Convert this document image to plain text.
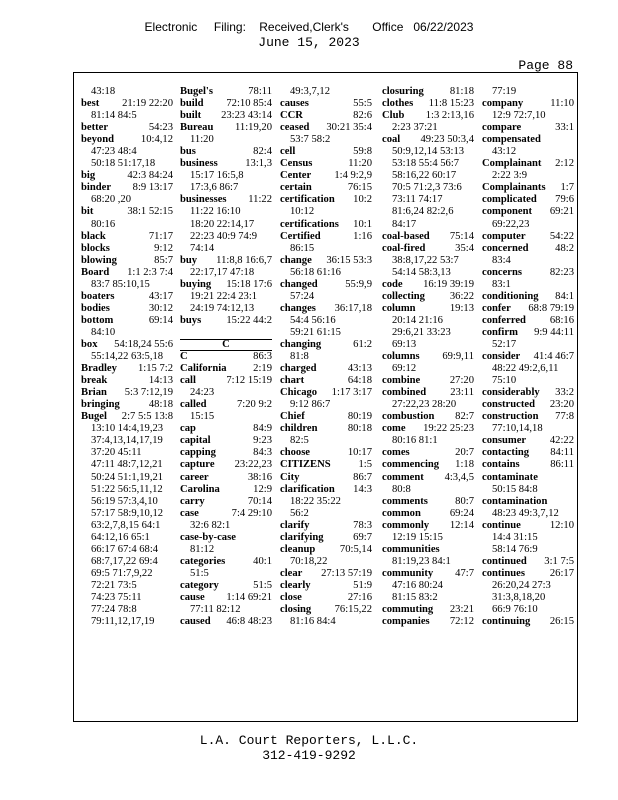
Electronic     Filing:    Received,Clerk's       Office   06/22/2023
June 15, 2023
Page 88
43:18
best 21:19 22:20
81:14 84:5
better	54:23
beyond	10:4,12
47:23 48:4
50:18 51:17,18
big	42:3 84:24
binder 8:9 13:17
68:20 ,20
bit	38:1 52:15
80:16
black	71:17
blocks	9:12
blowing	85:7
Board 1:1 2:3 7:4
83:7 85:10,15
boaters	43:17
bodies	30:12
bottom	69:14
84:10
box 54:18,24 55:6
55:14,22 63:5,18
Bradley 1:15 7:2
break	14:13
Brian 5:3 7:12,19
bringing	48:18
Bugel 2:7 5:5 13:8
13:10 14:4,19,23
37:4,13,14,17,19
37:20 45:11
47:11 48:7,12,21
50:24 51:1,19,21
51:22 56:5,11,12
56:19 57:3,4,10
57:17 58:9,10,12
63:2,7,8,15 64:1
64:12,16 65:1
66:17 67:4 68:4
68:7,17,22 69:4
69:5 71:7,9,22
72:21 73:5
74:23 75:11
77:24 78:8
79:11,12,17,19
Bugel's	78:11
build 72:10 85:4
built 23:23 43:14
Bureau 11:19,20
11:20
bus	82:4
business	13:1,3
15:17 16:5,8
17:3,6 86:7
businesses 11:22
11:22 16:10
18:20 22:14,17
22:23 40:9 74:9
74:14
buy 11:8,8 16:6,7
22:17,17 47:18
buying 15:18 17:6
19:21 22:4 23:1
24:19 74:12,13
buys 15:22 44:2
C
C	86:3
California	2:19
call	7:12 15:19
24:23
called	7:20 9:2
15:15
cap	84:9
capital	9:23
capping	84:3
capture 23:22,23
career	38:16
Carolina	12:9
carry	70:14
case	7:4 29:10
32:6 82:1
case-by-case
81:12
categories	40:1
51:5
category	51:5
cause 1:14 69:21
77:11 82:12
caused 46:8 48:23
49:3,7,12
causes	55:5
CCR	82:6
ceased 30:21 35:4
53:7 58:2
cell	59:8
Census	11:20
Center 1:4 9:2,9
certain	76:15
certification 10:2
10:12
certifications 10:1
Certified	1:16
86:15
change 36:15 53:3
56:18 61:16
changed	55:9,9
57:24
changes 36:17,18
54:4 56:16
59:21 61:15
changing	61:2
81:8
charged	43:13
chart	64:18
Chicago 1:17 3:17
9:12 86:7
Chief	80:19
children	80:18
82:5
choose	10:17
CITIZENS	1:5
City	86:7
clarification 14:3
18:22 35:22
56:2
clarify	78:3
clarifying	69:7
cleanup 70:5,14
70:18,22
clear 27:13 57:19
clearly	51:9
close	27:16
closing 76:15,22
81:16 84:4
closuring 81:18
clothes 11:8 15:23
Club 1:3 2:13,16
2:23 37:21
coal 49:23 50:3,4
50:9,12,14 53:13
53:18 55:4 56:7
58:16,22 60:17
70:5 71:2,3 73:6
73:11 74:17
81:6,24 82:2,6
84:17
coal-based 75:14
coal-fired	35:4
38:8,17,22 53:7
54:14 58:3,13
code 16:19 39:19
collecting 36:22
column	19:13
20:14 21:16
29:6,21 33:23
69:13
columns 69:9,11
69:12
combine	27:20
combined 23:11
27:22,23 28:20
combustion 82:7
come 19:22 25:23
80:16 81:1
comes	20:7
commencing 1:18
comment 4:3,4,5
80:8
comments	80:7
common	69:24
commonly 12:14
12:19 15:15
communities
81:19,23 84:1
community 47:7
47:16 80:24
81:15 83:2
commuting 23:21
companies 72:12
77:19
company	11:10
12:9 72:7,10
compare	33:1
compensated
43:12
Complainant 2:12
2:22 3:9
Complainants 1:7
complicated 79:6
component 69:21
69:22,23
computer 54:22
concerned	48:2
83:4
concerns	82:23
83:1
conditioning 84:1
confer 68:8 79:19
conferred 68:16
confirm 9:9 44:11
52:17
consider 41:4 46:7
48:22 49:2,6,11
75:10
considerably 33:2
constructed 23:20
construction 77:8
77:10,14,18
consumer 42:22
contacting 84:11
contains	86:11
contaminate
50:15 84:8
contamination
48:23 49:3,7,12
continue	12:10
14:4 31:15
58:14 76:9
continued 3:1 7:5
continues 26:17
26:20,24 27:3
31:3,8,18,20
66:9 76:10
continuing 26:15
L.A. Court Reporters, L.L.C.
312-419-9292
